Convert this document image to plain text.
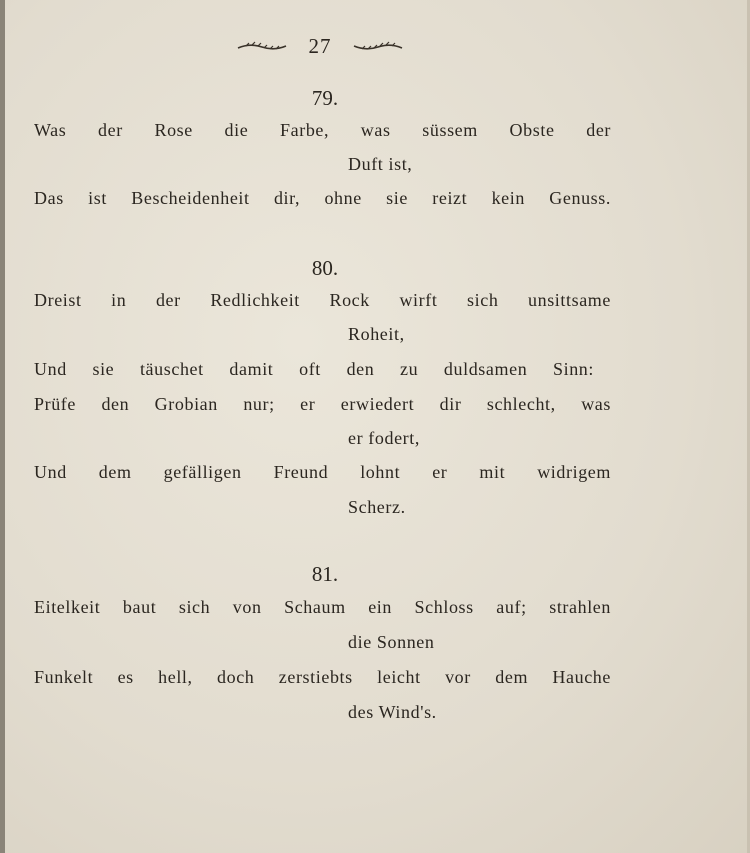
27
79.
Was der Rose die Farbe, was süssem Obste der
Duft ist,
Das ist Bescheidenheit dir, ohne sie reizt kein Genuss.
80.
Dreist in der Redlichkeit Rock wirft sich unsittsame
Roheit,
Und sie täuschet damit oft den zu duldsamen Sinn:
Prüfe den Grobian nur; er erwiedert dir schlecht, was
er fodert,
Und dem gefälligen Freund lohnt er mit widrigem
Scherz.
81.
Eitelkeit baut sich von Schaum ein Schloss auf; strahlen
die Sonnen
Funkelt es hell, doch zerstiebts leicht vor dem Hauche
des Wind's.
